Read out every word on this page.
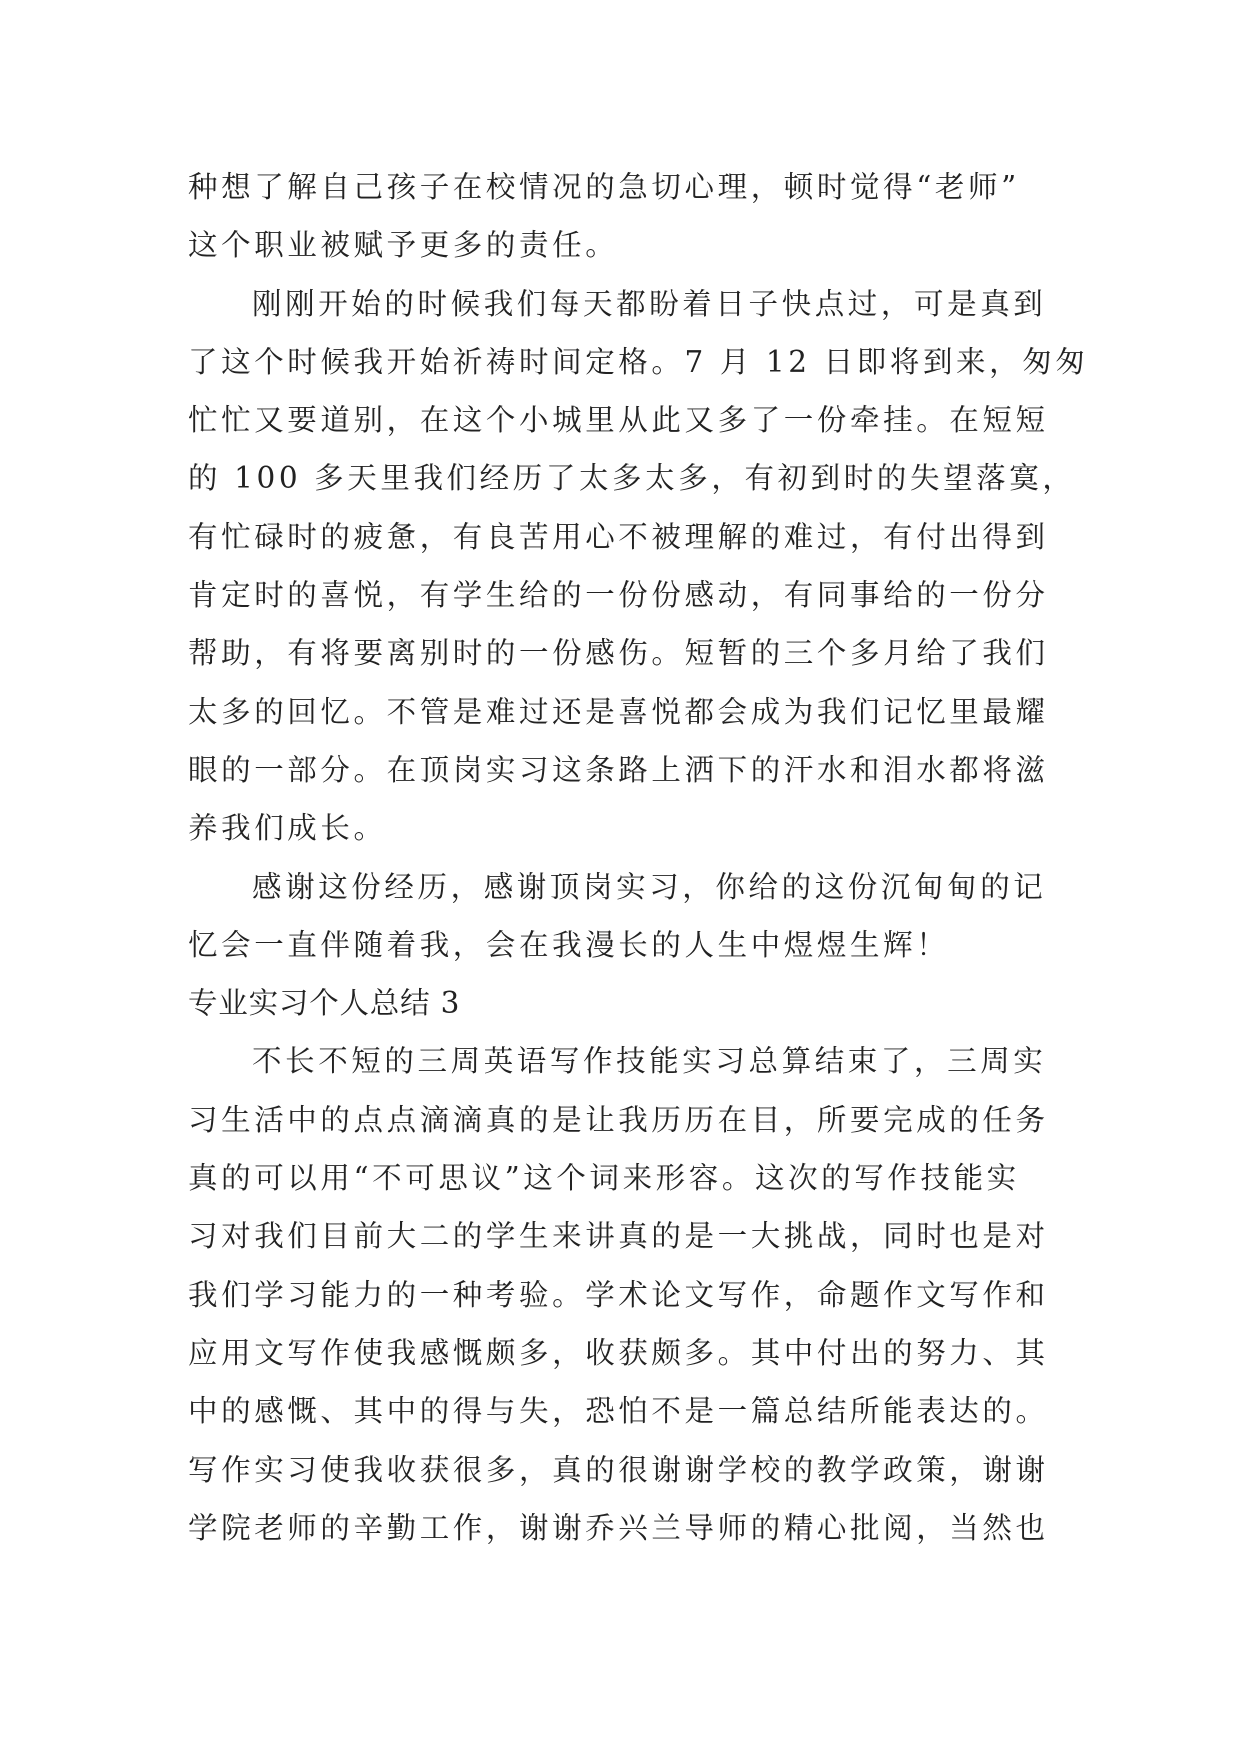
种想了解自己孩子在校情况的急切心理，顿时觉得“老师”
这个职业被赋予更多的责任。
刚刚开始的时候我们每天都盼着日子快点过，可是真到
了这个时候我开始祈祷时间定格。7 月 12 日即将到来，匆匆
忙忙又要道别，在这个小城里从此又多了一份牵挂。在短短
的 100 多天里我们经历了太多太多，有初到时的失望落寞，
有忙碌时的疲惫，有良苦用心不被理解的难过，有付出得到
肯定时的喜悦，有学生给的一份份感动，有同事给的一份分
帮助，有将要离别时的一份感伤。短暂的三个多月给了我们
太多的回忆。不管是难过还是喜悦都会成为我们记忆里最耀
眼的一部分。在顶岗实习这条路上洒下的汗水和泪水都将滋
养我们成长。
感谢这份经历，感谢顶岗实习，你给的这份沉甸甸的记
忆会一直伴随着我，会在我漫长的人生中煜煜生辉！
专业实习个人总结 3
不长不短的三周英语写作技能实习总算结束了，三周实
习生活中的点点滴滴真的是让我历历在目，所要完成的任务
真的可以用“不可思议”这个词来形容。这次的写作技能实
习对我们目前大二的学生来讲真的是一大挑战，同时也是对
我们学习能力的一种考验。学术论文写作，命题作文写作和
应用文写作使我感慨颇多，收获颇多。其中付出的努力、其
中的感慨、其中的得与失，恐怕不是一篇总结所能表达的。
写作实习使我收获很多，真的很谢谢学校的教学政策，谢谢
学院老师的辛勤工作，谢谢乔兴兰导师的精心批阅，当然也
